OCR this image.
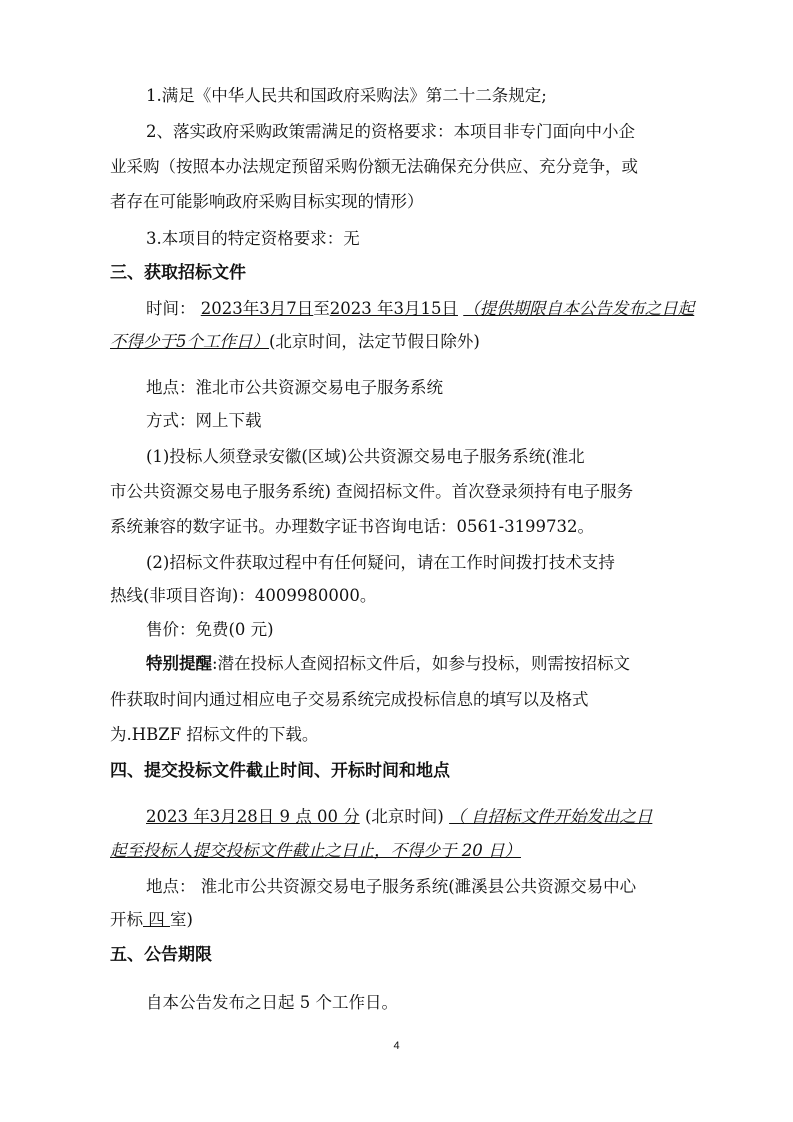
1.满足《中华人民共和国政府采购法》第二十二条规定;

2、落实政府采购政策需满足的资格要求：本项目非专门面向中小企

业采购（按照本办法规定预留采购份额无法确保充分供应、充分竞争，或

者存在可能影响政府采购目标实现的情形）

3.本项目的特定资格要求：无

三、获取招标文件

时间： 2023年3月7日至2023 年3月15日 （提供期限自本公告发布之日起

不得少于5个工作日）(北京时间，法定节假日除外)

地点：淮北市公共资源交易电子服务系统

方式：网上下载

(1)投标人须登录安徽(区域)公共资源交易电子服务系统(淮北

市公共资源交易电子服务系统) 查阅招标文件。首次登录须持有电子服务

系统兼容的数字证书。办理数字证书咨询电话：0561-3199732。

(2)招标文件获取过程中有任何疑问，请在工作时间拨打技术支持

热线(非项目咨询)：4009980000。

售价：免费(0 元)

特别提醒:潜在投标人查阅招标文件后，如参与投标，则需按招标文

件获取时间内通过相应电子交易系统完成投标信息的填写以及格式

为.HBZF 招标文件的下载。

四、提交投标文件截止时间、开标时间和地点

2023 年3月28日 9 点 00 分 (北京时间) （ 自招标文件开始发出之日

起至投标人提交投标文件截止之日止，不得少于 20 日）

地点： 淮北市公共资源交易电子服务系统(濉溪县公共资源交易中心

开标 四 室)

五、公告期限

自本公告发布之日起 5 个工作日。

4
